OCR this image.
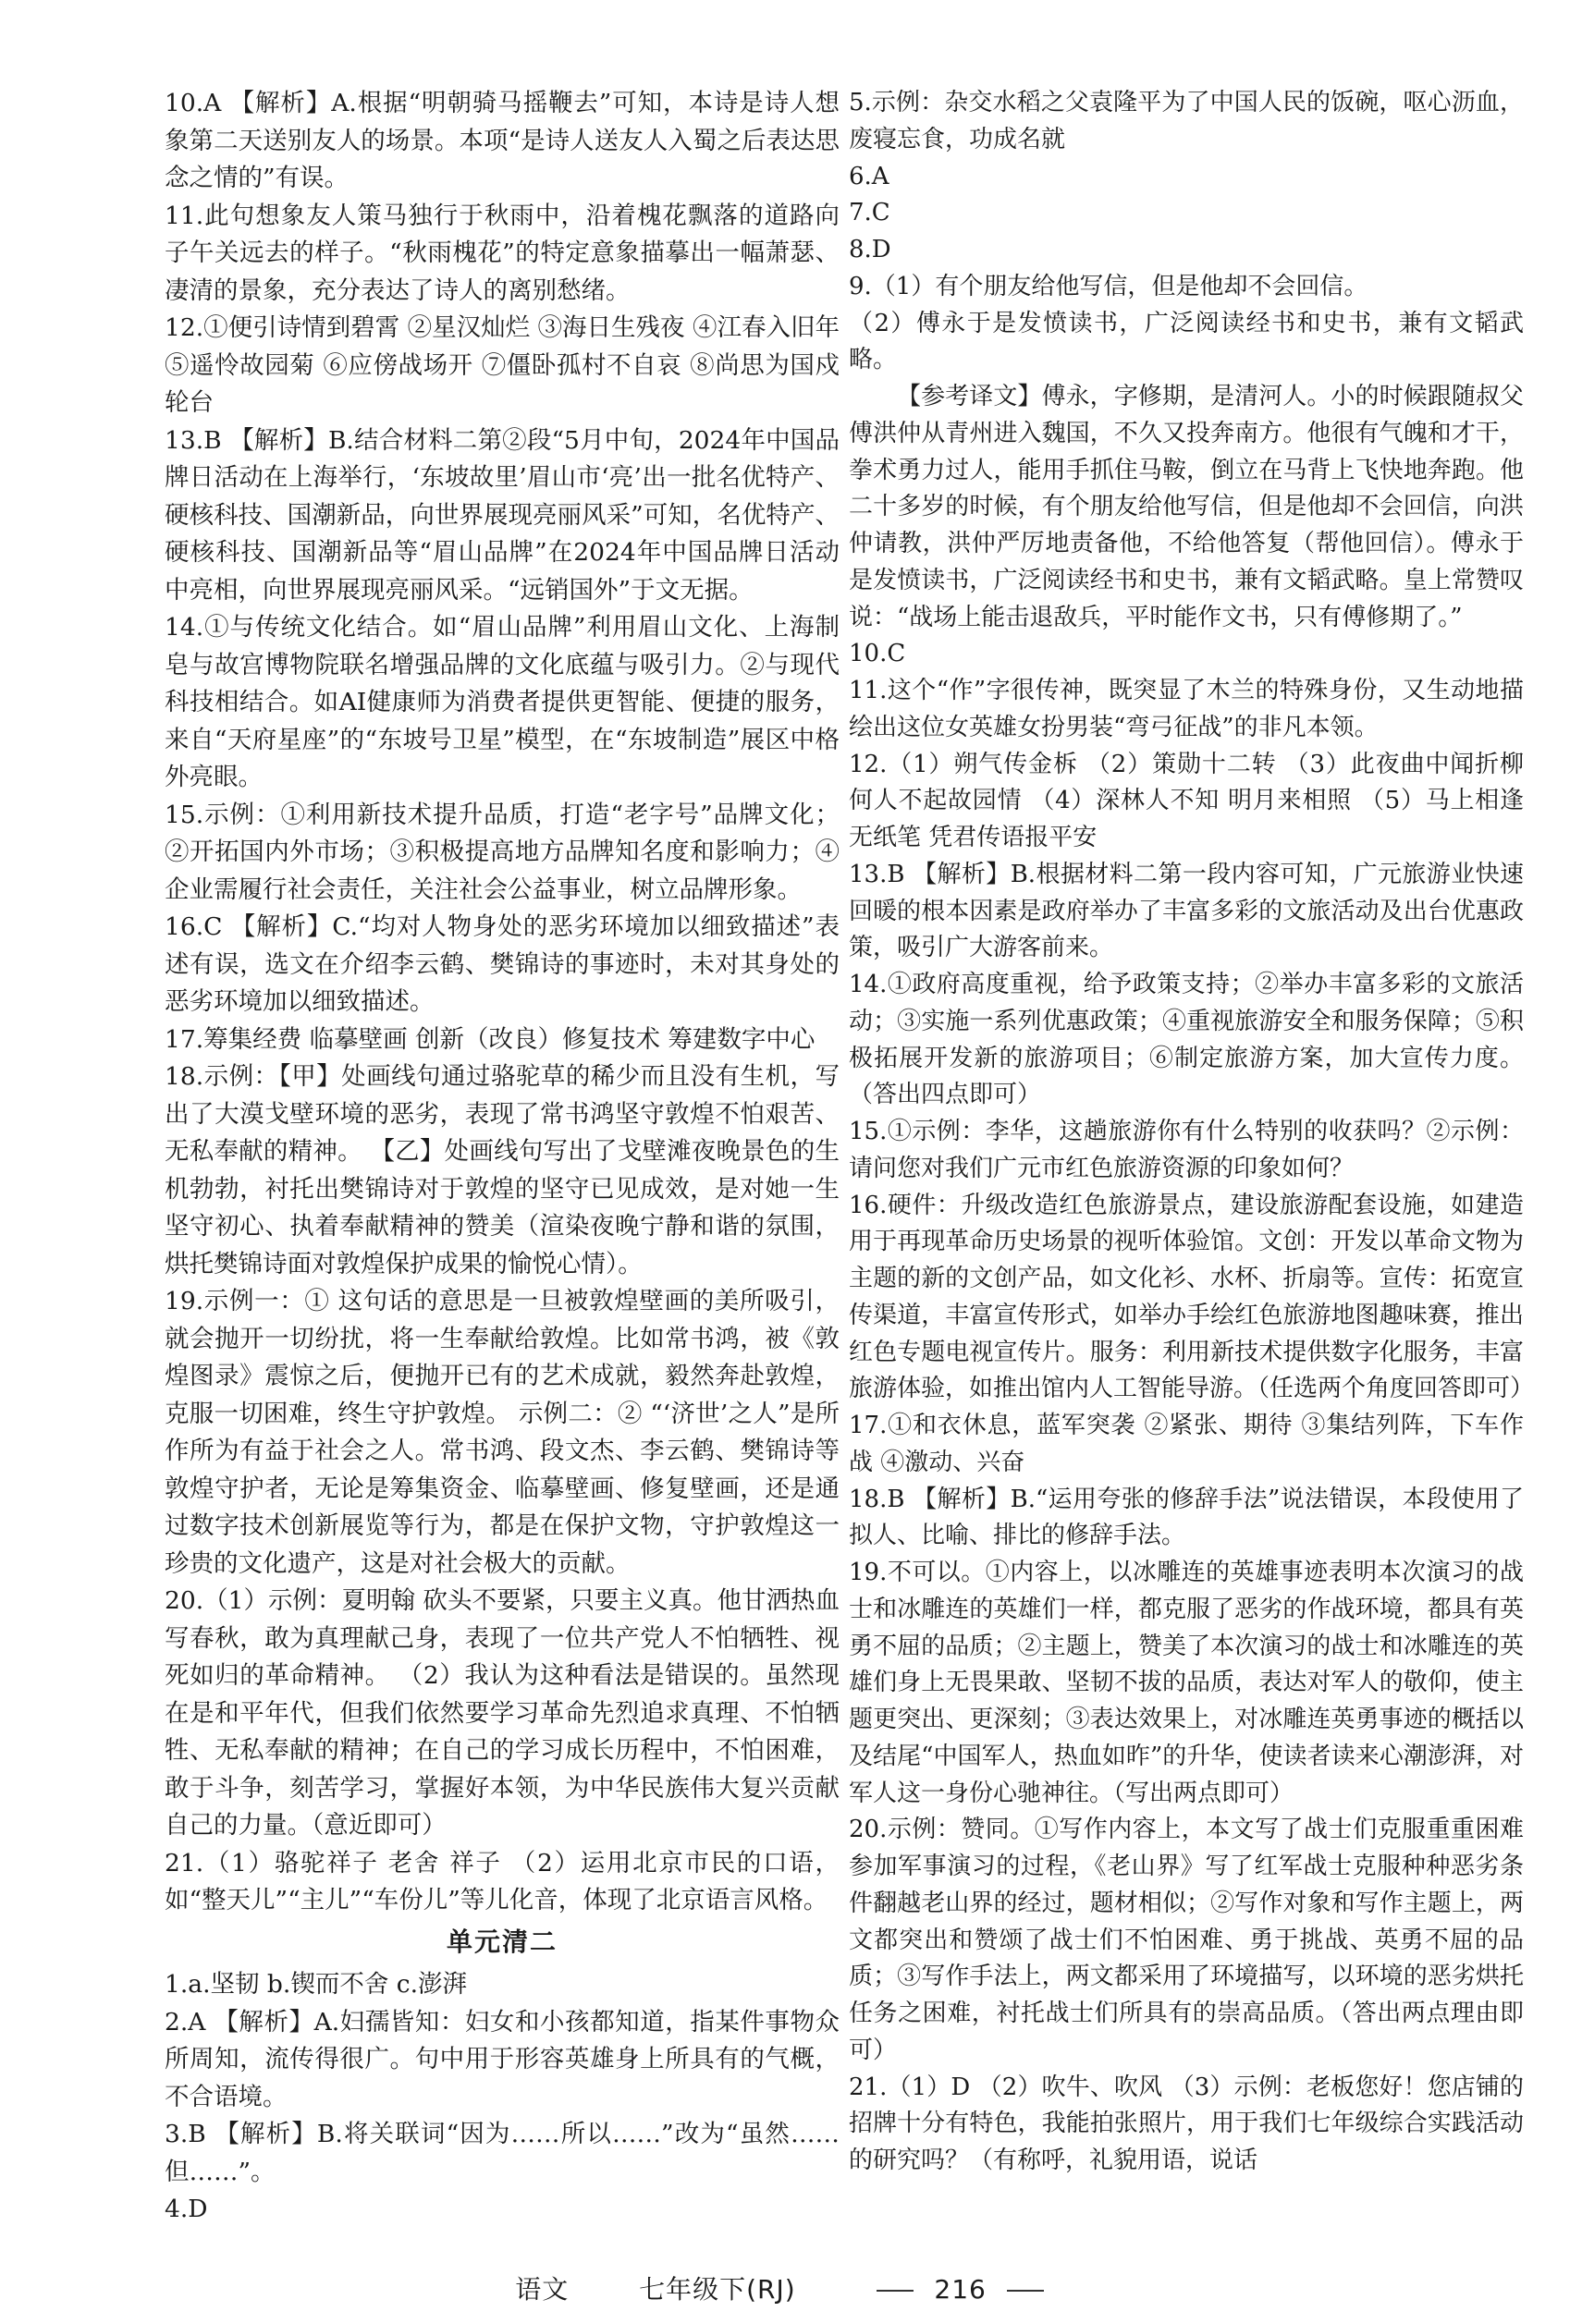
10.A 【解析】A.根据“明朝骑马摇鞭去”可知，本诗是诗人想象第二天送别友人的场景。本项“是诗人送友人入蜀之后表达思念之情的”有误。

11.此句想象友人策马独行于秋雨中，沿着槐花飘落的道路向子午关远去的样子。“秋雨槐花”的特定意象描摹出一幅萧瑟、凄清的景象，充分表达了诗人的离别愁绪。

12.①便引诗情到碧霄 ②星汉灿烂 ③海日生残夜 ④江春入旧年 ⑤遥怜故园菊 ⑥应傍战场开 ⑦僵卧孤村不自哀 ⑧尚思为国戍轮台

13.B 【解析】B.结合材料二第②段“5月中旬，2024年中国品牌日活动在上海举行，‘东坡故里’眉山市‘亮’出一批名优特产、硬核科技、国潮新品，向世界展现亮丽风采”可知，名优特产、硬核科技、国潮新品等“眉山品牌”在2024年中国品牌日活动中亮相，向世界展现亮丽风采。“远销国外”于文无据。

14.①与传统文化结合。如“眉山品牌”利用眉山文化、上海制皂与故宫博物院联名增强品牌的文化底蕴与吸引力。②与现代科技相结合。如AI健康师为消费者提供更智能、便捷的服务，来自“天府星座”的“东坡号卫星”模型，在“东坡制造”展区中格外亮眼。

15.示例：①利用新技术提升品质，打造“老字号”品牌文化；②开拓国内外市场；③积极提高地方品牌知名度和影响力；④企业需履行社会责任，关注社会公益事业，树立品牌形象。

16.C 【解析】C.“均对人物身处的恶劣环境加以细致描述”表述有误，选文在介绍李云鹤、樊锦诗的事迹时，未对其身处的恶劣环境加以细致描述。

17.筹集经费 临摹壁画 创新（改良）修复技术 筹建数字中心

18.示例：【甲】处画线句通过骆驼草的稀少而且没有生机，写出了大漠戈壁环境的恶劣，表现了常书鸿坚守敦煌不怕艰苦、无私奉献的精神。 【乙】处画线句写出了戈壁滩夜晚景色的生机勃勃，衬托出樊锦诗对于敦煌的坚守已见成效，是对她一生坚守初心、执着奉献精神的赞美（渲染夜晚宁静和谐的氛围，烘托樊锦诗面对敦煌保护成果的愉悦心情）。

19.示例一：① 这句话的意思是一旦被敦煌壁画的美所吸引，就会抛开一切纷扰，将一生奉献给敦煌。比如常书鸿，被《敦煌图录》震惊之后，便抛开已有的艺术成就，毅然奔赴敦煌，克服一切困难，终生守护敦煌。 示例二：② “‘济世’之人”是所作所为有益于社会之人。常书鸿、段文杰、李云鹤、樊锦诗等敦煌守护者，无论是筹集资金、临摹壁画、修复壁画，还是通过数字技术创新展览等行为，都是在保护文物，守护敦煌这一珍贵的文化遗产，这是对社会极大的贡献。

20.（1）示例：夏明翰 砍头不要紧，只要主义真。他甘洒热血写春秋，敢为真理献己身，表现了一位共产党人不怕牺牲、视死如归的革命精神。 （2）我认为这种看法是错误的。虽然现在是和平年代，但我们依然要学习革命先烈追求真理、不怕牺牲、无私奉献的精神；在自己的学习成长历程中，不怕困难，敢于斗争，刻苦学习，掌握好本领，为中华民族伟大复兴贡献自己的力量。（意近即可）

21.（1）骆驼祥子 老舍 祥子 （2）运用北京市民的口语，如“整天儿”“主儿”“车份儿”等儿化音，体现了北京语言风格。

单元清二

1.a.坚韧 b.锲而不舍 c.澎湃

2.A 【解析】A.妇孺皆知：妇女和小孩都知道，指某件事物众所周知，流传得很广。句中用于形容英雄身上所具有的气概，不合语境。

3.B 【解析】B.将关联词“因为……所以……”改为“虽然……但……”。

4.D

5.示例：杂交水稻之父袁隆平为了中国人民的饭碗，呕心沥血，废寝忘食，功成名就

6.A

7.C

8.D

9.（1）有个朋友给他写信，但是他却不会回信。

（2）傅永于是发愤读书，广泛阅读经书和史书，兼有文韬武略。

【参考译文】傅永，字修期，是清河人。小的时候跟随叔父傅洪仲从青州进入魏国，不久又投奔南方。他很有气魄和才干，拳术勇力过人，能用手抓住马鞍，倒立在马背上飞快地奔跑。他二十多岁的时候，有个朋友给他写信，但是他却不会回信，向洪仲请教，洪仲严厉地责备他，不给他答复（帮他回信）。傅永于是发愤读书，广泛阅读经书和史书，兼有文韬武略。皇上常赞叹说：“战场上能击退敌兵，平时能作文书，只有傅修期了。”

10.C

11.这个“作”字很传神，既突显了木兰的特殊身份，又生动地描绘出这位女英雄女扮男装“弯弓征战”的非凡本领。

12.（1）朔气传金柝 （2）策勋十二转 （3）此夜曲中闻折柳 何人不起故园情 （4）深林人不知 明月来相照 （5）马上相逢无纸笔 凭君传语报平安

13.B 【解析】B.根据材料二第一段内容可知，广元旅游业快速回暖的根本因素是政府举办了丰富多彩的文旅活动及出台优惠政策，吸引广大游客前来。

14.①政府高度重视，给予政策支持；②举办丰富多彩的文旅活动；③实施一系列优惠政策；④重视旅游安全和服务保障；⑤积极拓展开发新的旅游项目；⑥制定旅游方案，加大宣传力度。（答出四点即可）

15.①示例：李华，这趟旅游你有什么特别的收获吗？②示例：请问您对我们广元市红色旅游资源的印象如何？

16.硬件：升级改造红色旅游景点，建设旅游配套设施，如建造用于再现革命历史场景的视听体验馆。文创：开发以革命文物为主题的新的文创产品，如文化衫、水杯、折扇等。宣传：拓宽宣传渠道，丰富宣传形式，如举办手绘红色旅游地图趣味赛，推出红色专题电视宣传片。服务：利用新技术提供数字化服务，丰富旅游体验，如推出馆内人工智能导游。（任选两个角度回答即可）

17.①和衣休息，蓝军突袭 ②紧张、期待 ③集结列阵，下车作战 ④激动、兴奋

18.B 【解析】B.“运用夸张的修辞手法”说法错误，本段使用了拟人、比喻、排比的修辞手法。

19.不可以。①内容上，以冰雕连的英雄事迹表明本次演习的战士和冰雕连的英雄们一样，都克服了恶劣的作战环境，都具有英勇不屈的品质；②主题上，赞美了本次演习的战士和冰雕连的英雄们身上无畏果敢、坚韧不拔的品质，表达对军人的敬仰，使主题更突出、更深刻；③表达效果上，对冰雕连英勇事迹的概括以及结尾“中国军人，热血如昨”的升华，使读者读来心潮澎湃，对军人这一身份心驰神往。（写出两点即可）

20.示例：赞同。①写作内容上，本文写了战士们克服重重困难参加军事演习的过程，《老山界》写了红军战士克服种种恶劣条件翻越老山界的经过，题材相似；②写作对象和写作主题上，两文都突出和赞颂了战士们不怕困难、勇于挑战、英勇不屈的品质；③写作手法上，两文都采用了环境描写，以环境的恶劣烘托任务之困难，衬托战士们所具有的崇高品质。（答出两点理由即可）

21.（1）D （2）吹牛、吹风 （3）示例：老板您好！您店铺的招牌十分有特色，我能拍张照片，用于我们七年级综合实践活动的研究吗？（有称呼，礼貌用语，说话

语文	七年级下(RJ)	216
